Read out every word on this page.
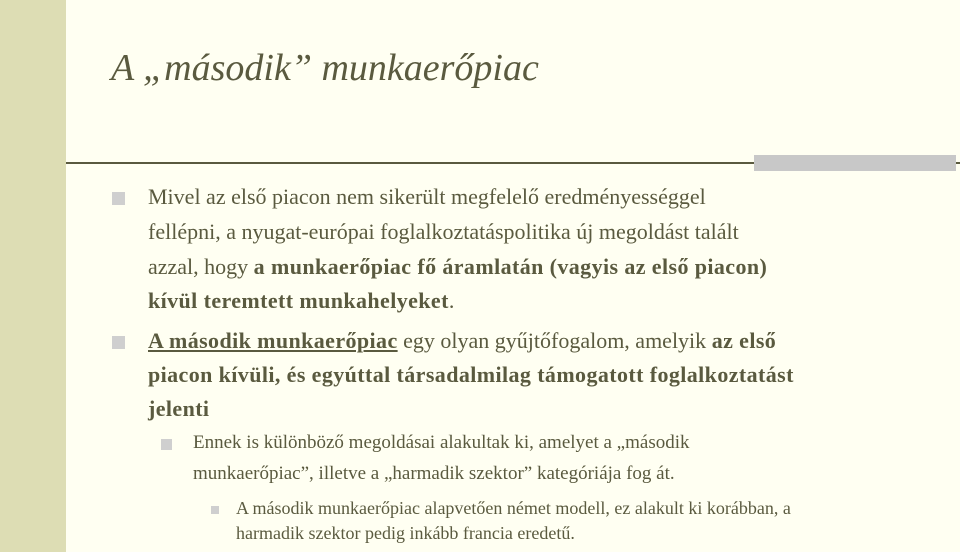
A „második” munkaerőpiac

Mivel az első piacon nem sikerült megfelelő eredményességgel

fellépni, a nyugat-európai foglalkoztatáspolitika új megoldást talált

azzal, hogy a munkaerőpiac fő áramlatán (vagyis az első piacon)

kívül teremtett munkahelyeket.

A második munkaerőpiac egy olyan gyűjtőfogalom, amelyik az első

piacon kívüli, és egyúttal társadalmilag támogatott foglalkoztatást

jelenti

Ennek is különböző megoldásai alakultak ki, amelyet a „második

munkaerőpiac”, illetve a „harmadik szektor” kategóriája fog át.

A második munkaerőpiac alapvetően német modell, ez alakult ki korábban, a

harmadik szektor pedig inkább francia eredetű.
